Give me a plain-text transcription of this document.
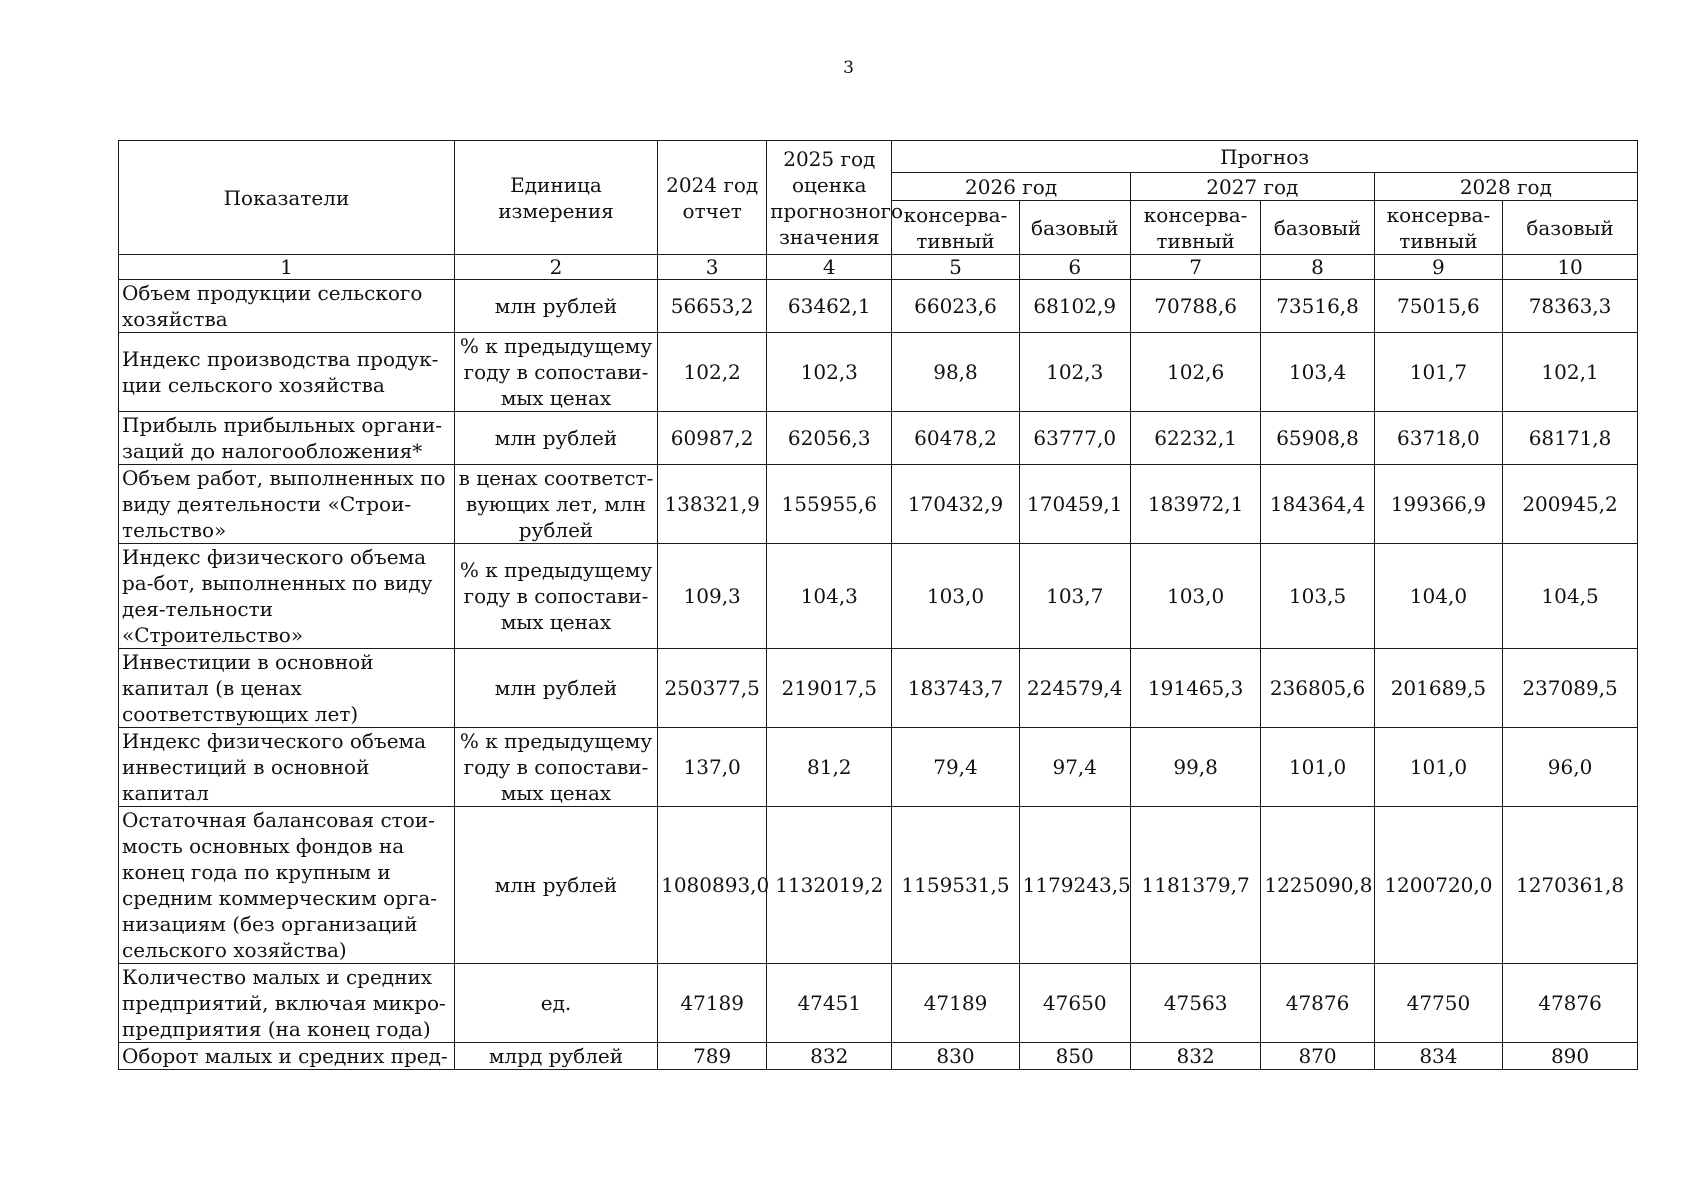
3
Показатели	Единица измерения	2024 год отчет	2025 год оценка прогнозного значения	Прогноз					
				2026 год		2027 год		2028 год	
				консерва-тивный	базовый	консерва-тивный	базовый	консерва-тивный	базовый
1	2	3	4	5	6	7	8	9	10
Объем продукции сельского хозяйства	млн рублей	56653,2	63462,1	66023,6	68102,9	70788,6	73516,8	75015,6	78363,3
Индекс производства продук-ции сельского хозяйства	% к предыдущему году в сопостави-мых ценах	102,2	102,3	98,8	102,3	102,6	103,4	101,7	102,1
Прибыль прибыльных органи-заций до налогообложения*	млн рублей	60987,2	62056,3	60478,2	63777,0	62232,1	65908,8	63718,0	68171,8
Объем работ, выполненных по виду деятельности «Строи-тельство»	в ценах соответст-вующих лет, млн рублей	138321,9	155955,6	170432,9	170459,1	183972,1	184364,4	199366,9	200945,2
Индекс физического объема ра-бот, выполненных по виду дея-тельности «Строительство»	% к предыдущему году в сопостави-мых ценах	109,3	104,3	103,0	103,7	103,0	103,5	104,0	104,5
Инвестиции в основной капитал (в ценах соответствующих лет)	млн рублей	250377,5	219017,5	183743,7	224579,4	191465,3	236805,6	201689,5	237089,5
Индекс физического объема инвестиций в основной капитал	% к предыдущему году в сопостави-мых ценах	137,0	81,2	79,4	97,4	99,8	101,0	101,0	96,0
Остаточная балансовая стои-мость основных фондов на конец года по крупным и средним коммерческим орга-низациям (без организаций сельского хозяйства)	млн рублей	1080893,0	1132019,2	1159531,5	1179243,5	1181379,7	1225090,8	1200720,0	1270361,8
Количество малых и средних предприятий, включая микро-предприятия (на конец года)	ед.	47189	47451	47189	47650	47563	47876	47750	47876
Оборот малых и средних пред-	млрд рублей	789	832	830	850	832	870	834	890
